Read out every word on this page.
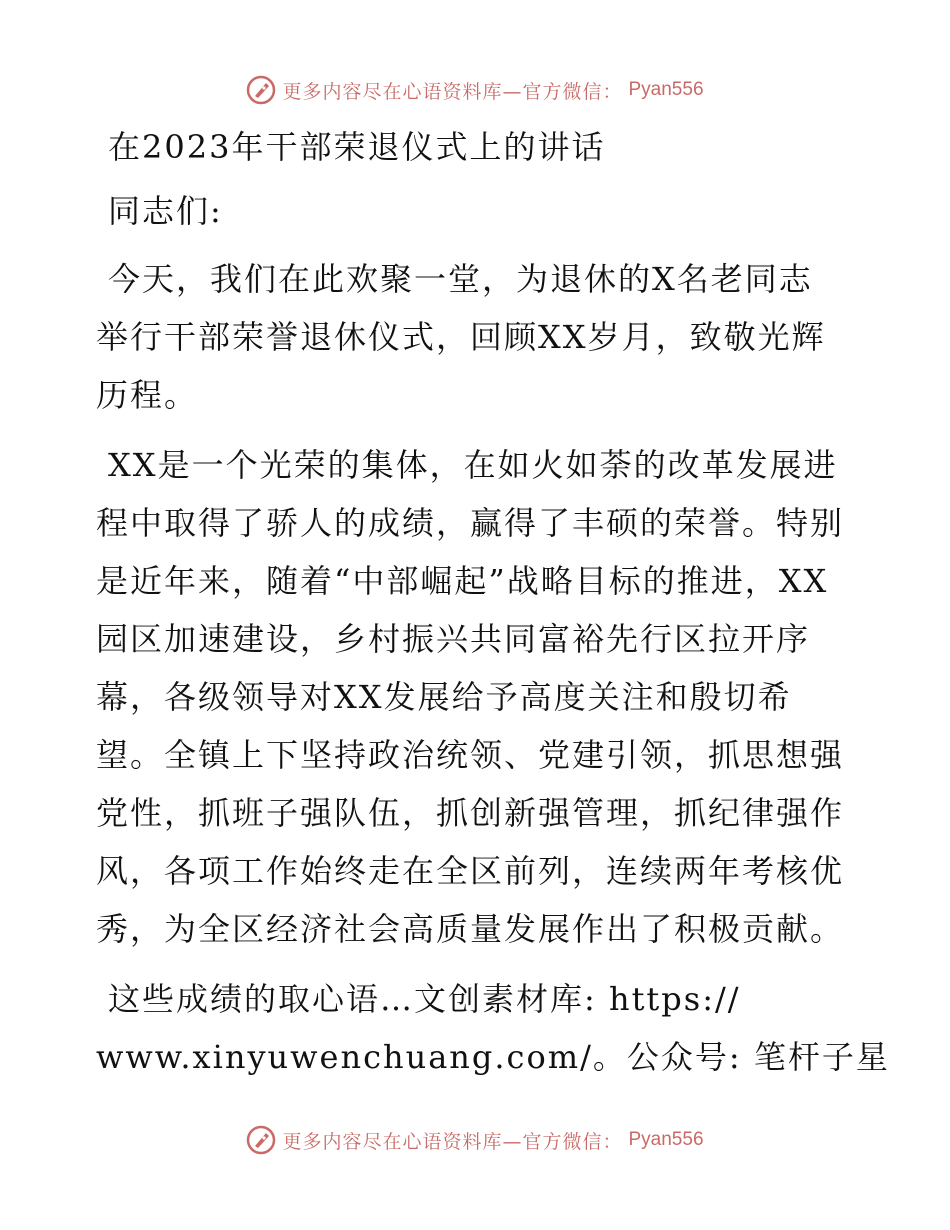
更多内容尽在心语资料库—官方微信： Pyan556
在2023年干部荣退仪式上的讲话

同志们:

今天，我们在此欢聚一堂，为退休的X名老同志
举行干部荣誉退休仪式，回顾XX岁月，致敬光辉
历程。

XX是一个光荣的集体，在如火如荼的改革发展进
程中取得了骄人的成绩，赢得了丰硕的荣誉。特别
是近年来，随着“中部崛起”战略目标的推进，XX
园区加速建设，乡村振兴共同富裕先行区拉开序
幕，各级领导对XX发展给予高度关注和殷切希
望。全镇上下坚持政治统领、党建引领，抓思想强
党性，抓班子强队伍，抓创新强管理，抓纪律强作
风，各项工作始终走在全区前列，连续两年考核优
秀，为全区经济社会高质量发展作出了积极贡献。

这些成绩的取心语…文创素材库: https://
www.xinyuwenchuang.com/。公众号: 笔杆子星

更多内容尽在心语资料库—官方微信： Pyan556
